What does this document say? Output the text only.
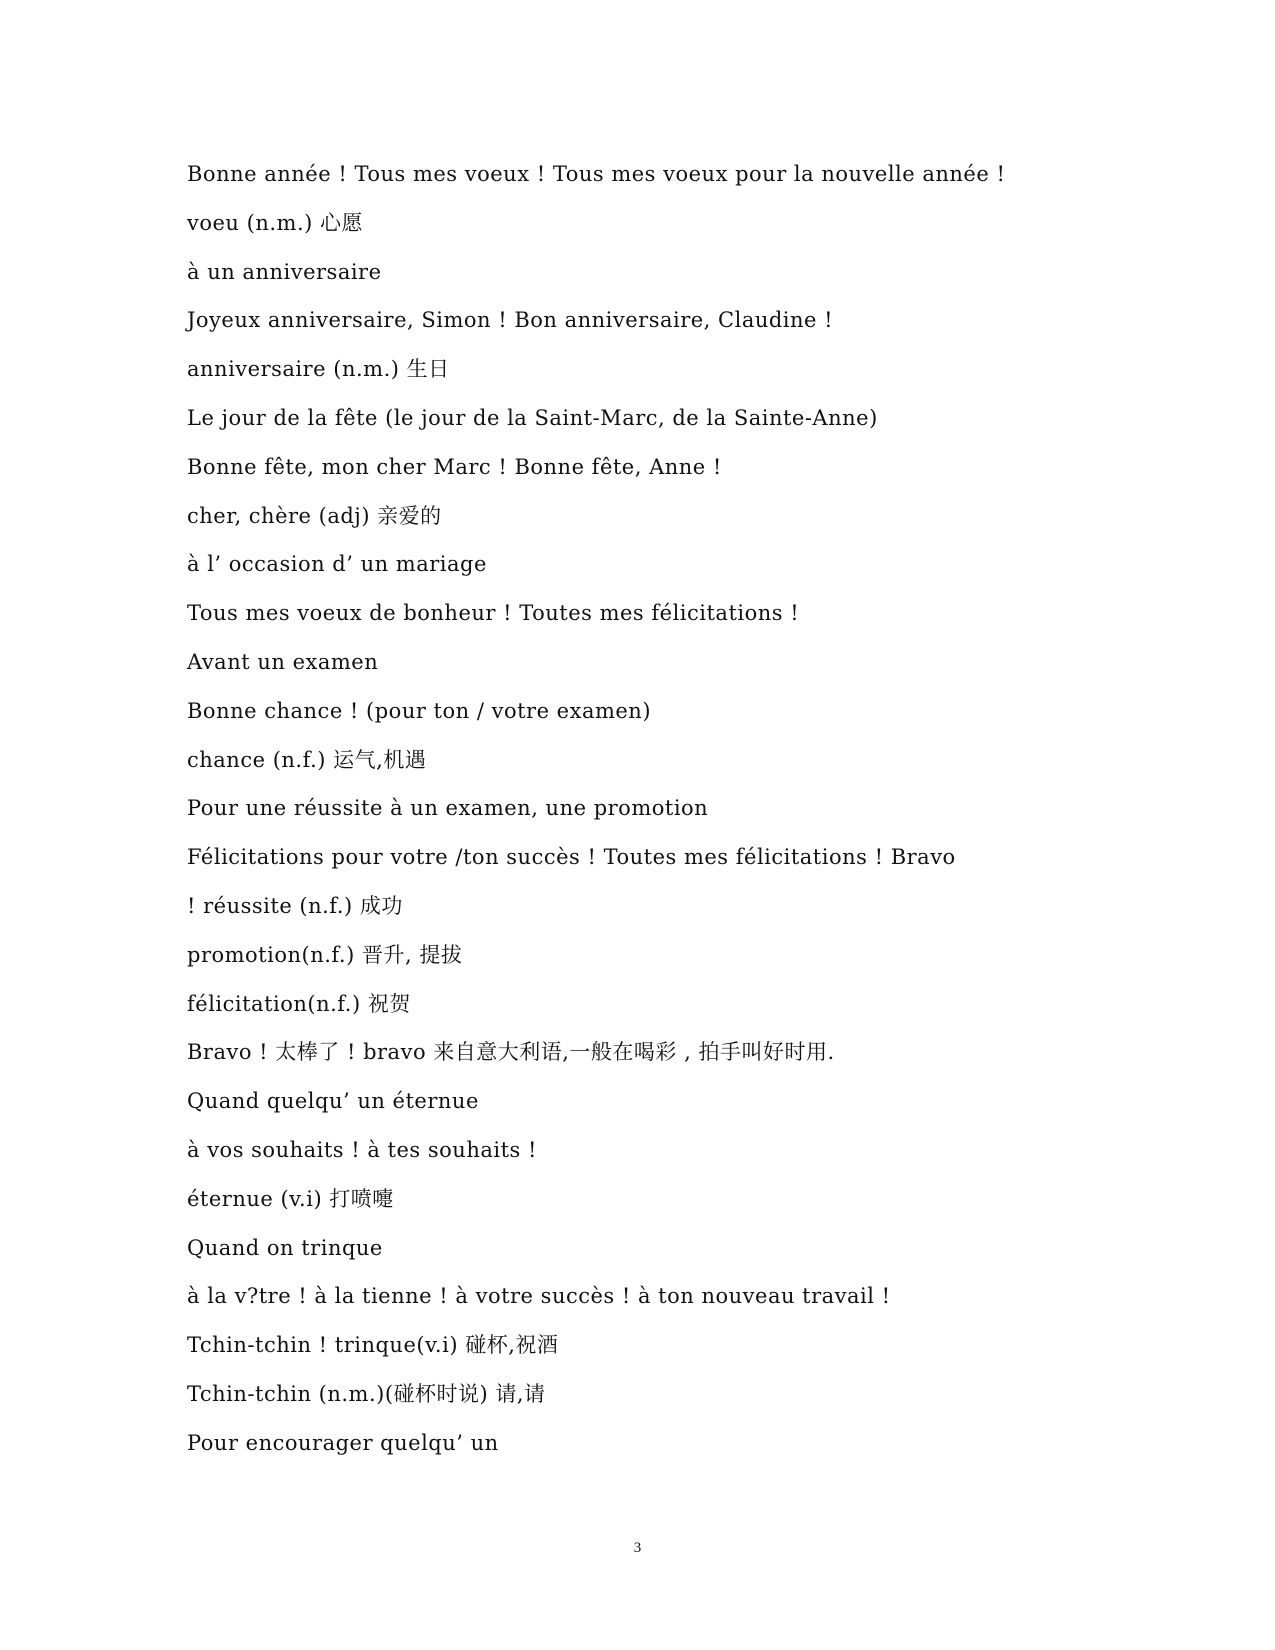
Bonne année ! Tous mes voeux ! Tous mes voeux pour la nouvelle année !
voeu (n.m.) 心愿
à un anniversaire
Joyeux anniversaire, Simon ! Bon anniversaire, Claudine !
anniversaire (n.m.) 生日
Le jour de la fête (le jour de la Saint-Marc, de la Sainte-Anne)
Bonne fête, mon cher Marc ! Bonne fête, Anne !
cher, chère (adj) 亲爱的
à l’ occasion d’ un mariage
Tous mes voeux de bonheur ! Toutes mes félicitations !
Avant un examen
Bonne chance ! (pour ton / votre examen)
chance (n.f.) 运气,机遇
Pour une réussite à un examen, une promotion
Félicitations pour votre /ton succès ! Toutes mes félicitations ! Bravo
! réussite (n.f.) 成功
promotion(n.f.) 晋升, 提拔
félicitation(n.f.) 祝贺
Bravo ! 太棒了 ! bravo 来自意大利语,一般在喝彩 , 拍手叫好时用.
Quand quelqu’ un éternue
à vos souhaits ! à tes souhaits !
éternue (v.i) 打喷嚏
Quand on trinque
à la v?tre ! à la tienne ! à votre succès ! à ton nouveau travail !
Tchin-tchin ! trinque(v.i) 碰杯,祝酒
Tchin-tchin (n.m.)(碰杯时说) 请,请
Pour encourager quelqu’ un
3
